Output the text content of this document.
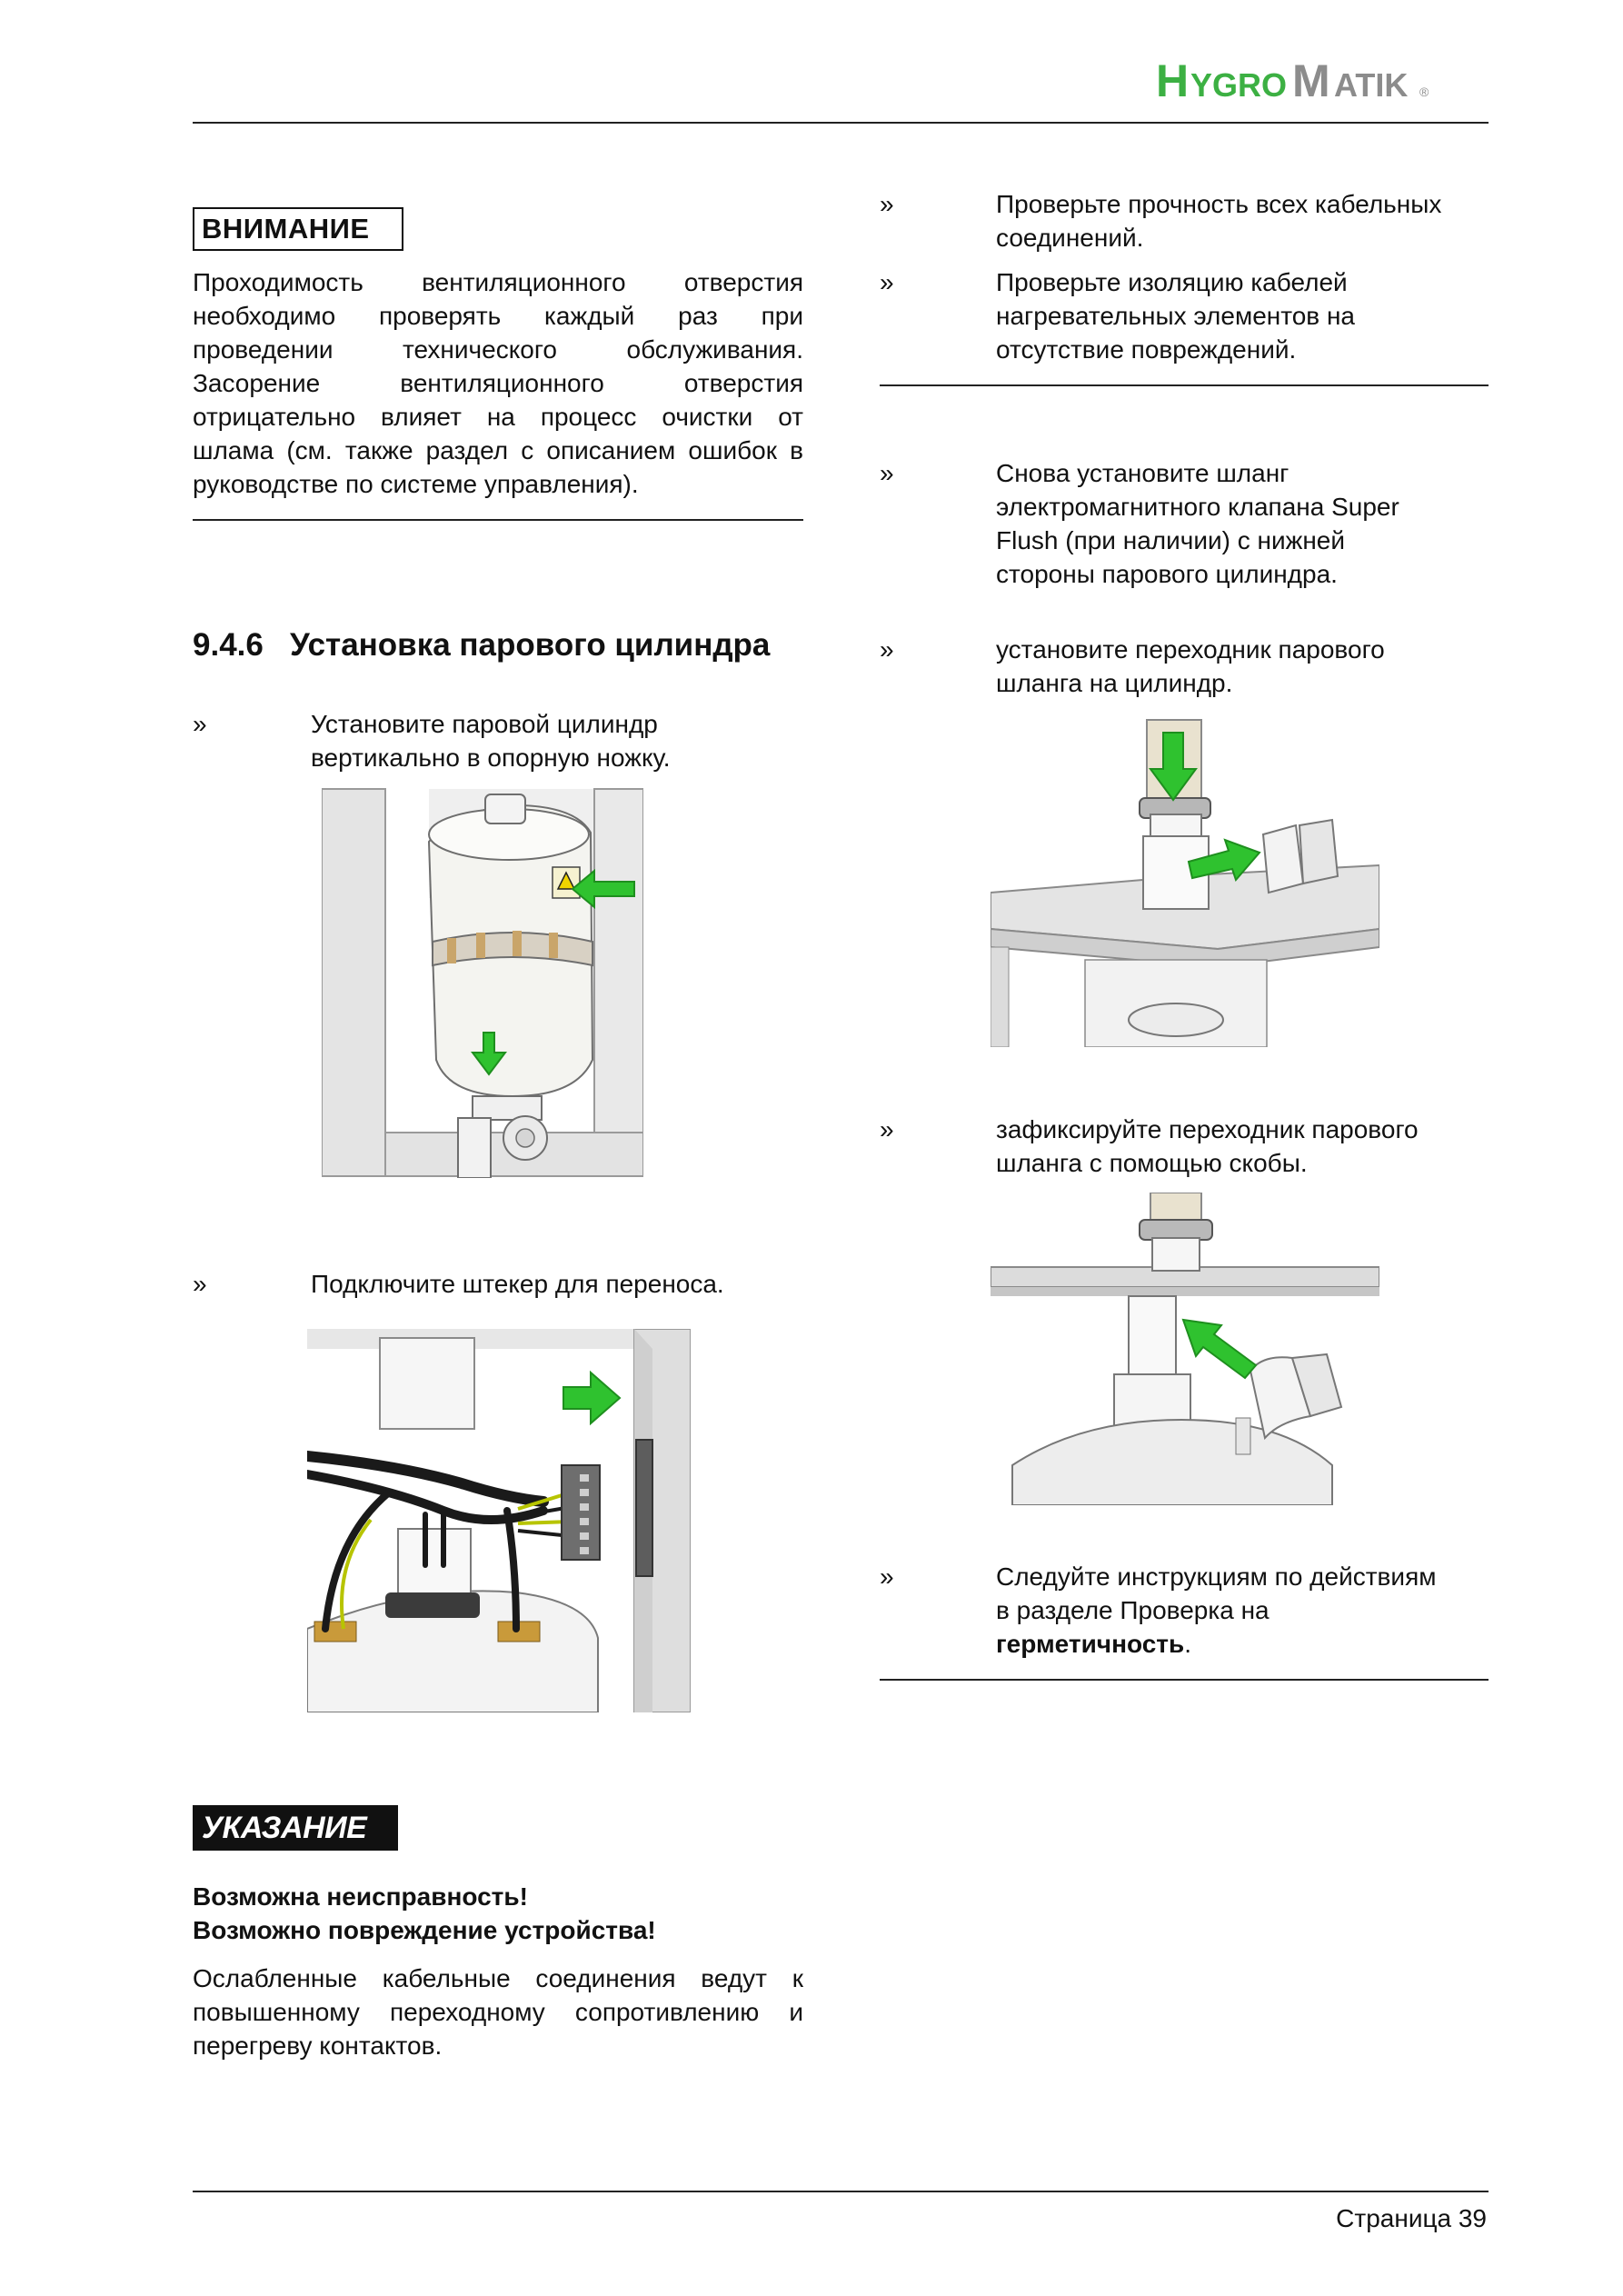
H YGRO M ATIK ®
ВНИМАНИЕ
Проходимость вентиляционного отверстия
необходимо проверять каждый раз при
проведении технического обслуживания.
Засорение вентиляционного отверстия
отрицательно влияет на процесс очистки от
шлама (см. также раздел с описанием ошибок в
руководстве по системе управления).
9.4.6   Установка парового цилиндра
»	Установите паровой цилиндр
вертикально в опорную ножку.
»	Подключите штекер для переноса.
УКАЗАНИЕ
Возможна неисправность!
Возможно повреждение устройства!
Ослабленные кабельные соединения ведут к
повышенному переходному сопротивлению и
перегреву контактов.
»	Проверьте прочность всех кабельных
соединений.
»	Проверьте изоляцию кабелей
нагревательных элементов на
отсутствие повреждений.
»	Снова установите шланг
электромагнитного клапана Super
Flush (при наличии) с нижней
стороны парового цилиндра.
»	установите переходник парового
шланга на цилиндр.
»	зафиксируйте переходник парового
шланга с помощью скобы.
»	Следуйте инструкциям по действиям
в разделе Проверка на
герметичность.
Страница 39
